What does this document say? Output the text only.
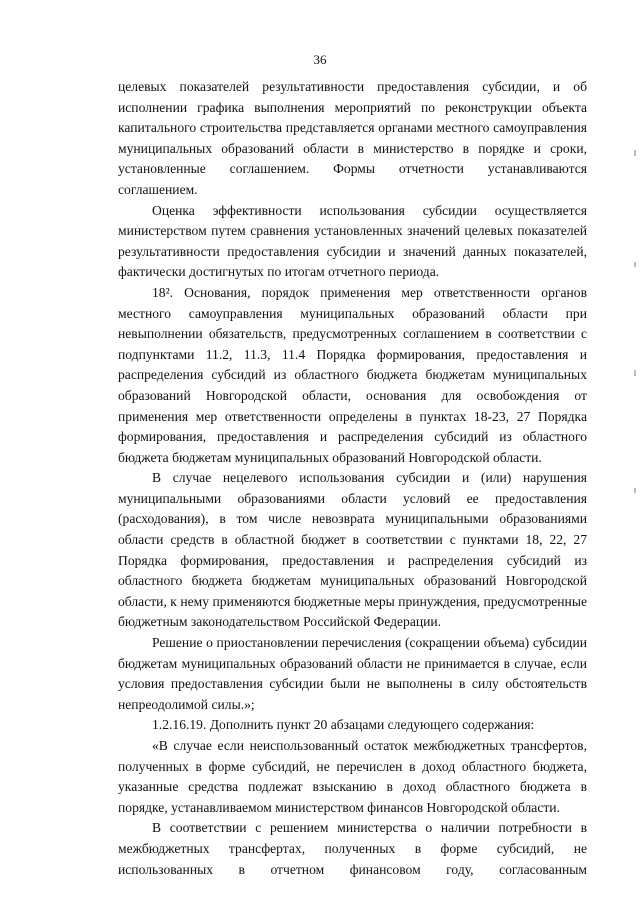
36

целевых показателей результативности предоставления субсидии, и об исполнении графика выполнения мероприятий по реконструкции объекта капитального строительства представляется органами местного самоуправления муниципальных образований области в министерство в порядке и сроки, установленные соглашением. Формы отчетности устанавливаются соглашением.

Оценка эффективности использования субсидии осуществляется министерством путем сравнения установленных значений целевых показателей результативности предоставления субсидии и значений данных показателей, фактически достигнутых по итогам отчетного периода.

18². Основания, порядок применения мер ответственности органов местного самоуправления муниципальных образований области при невыполнении обязательств, предусмотренных соглашением в соответствии с подпунктами 11.2, 11.3, 11.4 Порядка формирования, предоставления и распределения субсидий из областного бюджета бюджетам муниципальных образований Новгородской области, основания для освобождения от применения мер ответственности определены в пунктах 18-23, 27 Порядка формирования, предоставления и распределения субсидий из областного бюджета бюджетам муниципальных образований Новгородской области.

В случае нецелевого использования субсидии и (или) нарушения муниципальными образованиями области условий ее предоставления (расходования), в том числе невозврата муниципальными образованиями области средств в областной бюджет в соответствии с пунктами 18, 22, 27 Порядка формирования, предоставления и распределения субсидий из областного бюджета бюджетам муниципальных образований Новгородской области, к нему применяются бюджетные меры принуждения, предусмотренные бюджетным законодательством Российской Федерации.

Решение о приостановлении перечисления (сокращении объема) субсидии бюджетам муниципальных образований области не принимается в случае, если условия предоставления субсидии были не выполнены в силу обстоятельств непреодолимой силы.»;

1.2.16.19. Дополнить пункт 20 абзацами следующего содержания:

«В случае если неиспользованный остаток межбюджетных трансфертов, полученных в форме субсидий, не перечислен в доход областного бюджета, указанные средства подлежат взысканию в доход областного бюджета в порядке, устанавливаемом министерством финансов Новгородской области.

В соответствии с решением министерства о наличии потребности в межбюджетных трансфертах, полученных в форме субсидий, не использованных в отчетном финансовом году, согласованным
